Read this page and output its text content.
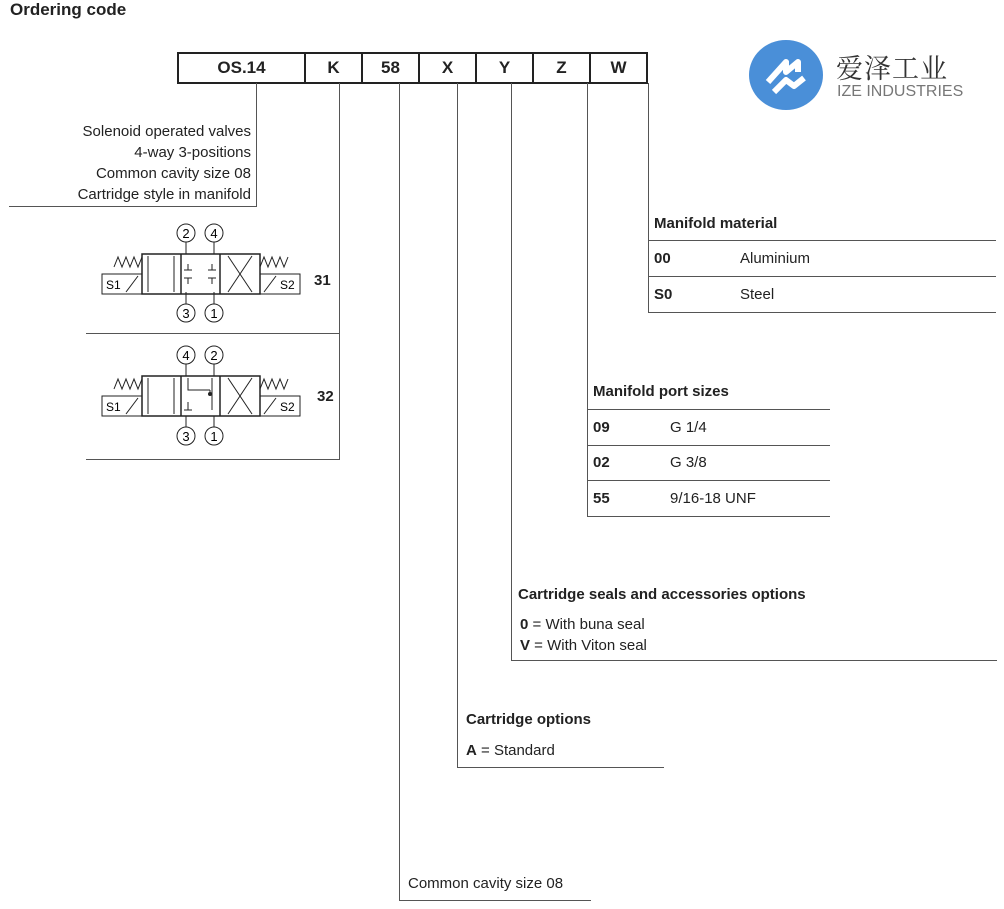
Ordering code
OS.14	K	58	X	Y	Z	W	爱泽工业
IZE INDUSTRIES
Solenoid operated valves
4-way 3-positions
Common cavity size 08
Cartridge style in manifold
2 4
3 1
S1	S2 31
4 2
3 1
S1	S2
32
Manifold material
00	Aluminium
S0	Steel
Manifold port sizes
09	G 1/4
02	G 3/8
55	9/16-18 UNF
Cartridge seals and accessories options
0 = With buna seal
V = With Viton seal
Cartridge options
A = Standard
Common cavity size 08
